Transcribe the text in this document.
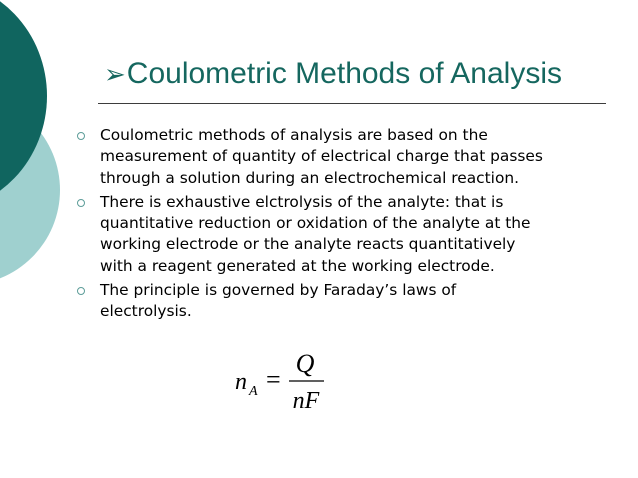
➢Coulometric Methods of Analysis
Coulometric methods of analysis are based on the
measurement of quantity of electrical charge that passes
through a solution during an electrochemical reaction.
There is exhaustive elctrolysis of the analyte: that is
quantitative reduction or oxidation of the analyte at the
working electrode or the analyte reacts quantitatively
with a reagent generated at the working electrode.
The principle is governed by Faraday’s laws of
electrolysis.
n A =
Q
nF
